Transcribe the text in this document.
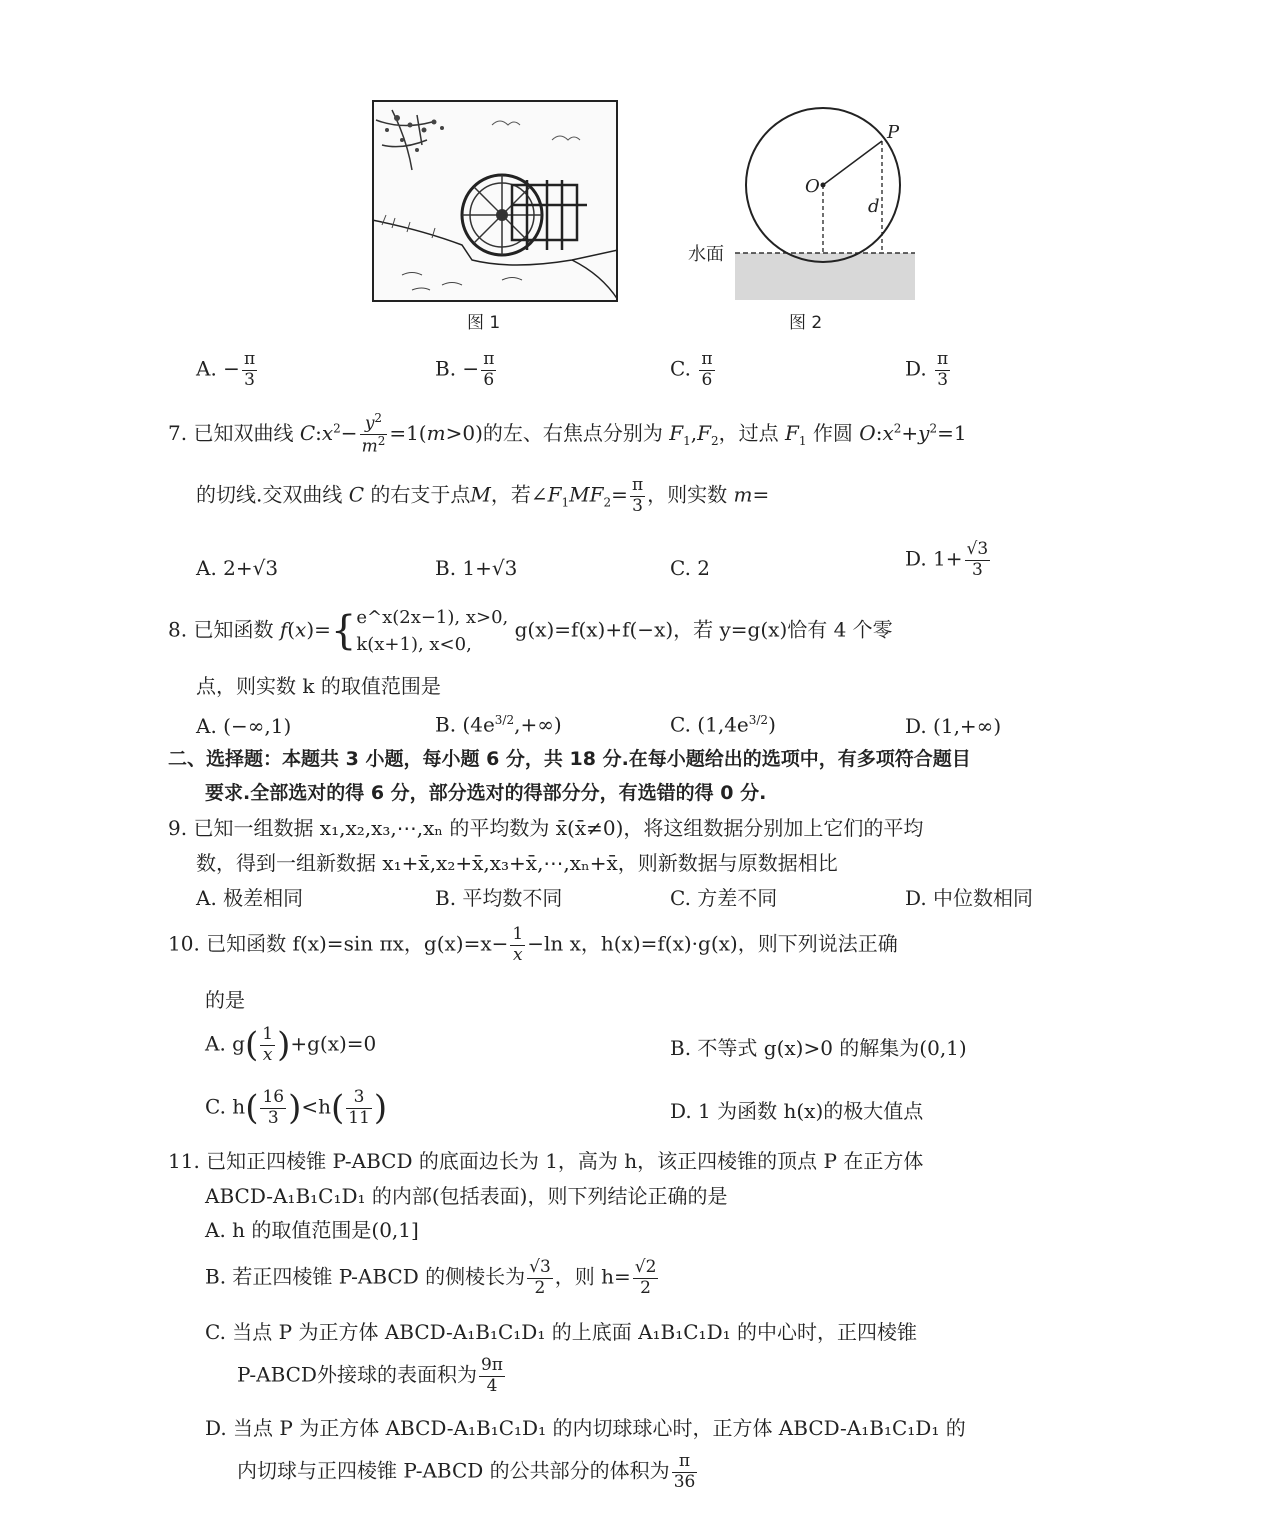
图 1
P
O
d
水面
图 2
A. − $\frac{\pi}{3}$	B. − $\frac{\pi}{6}$	C. $\frac{\pi}{6}$	D. $\frac{\pi}{3}$
7. 已知双曲线 $C:x^2- \frac{y^2}{m^2} =1(m>0)$的左、右焦点分别为 $F_1,F_2$，过点 $F_1$ 作圆 $O:x^2+y^2=1$
的切线.交双曲线 C 的右支于点M，若$\angle F_1MF_2= \frac{\pi}{3}$ ，则实数 m=
A. 2+√3	B. 1+√3	C. 2	D. $1+ \frac{√3}{3}$
8. 已知函数 f(x)={ e^x(2x−1), x>0,
k(x+1), x<0,
g(x)=f(x)+f(−x)，若 y=g(x)恰有 4 个零
点，则实数 k 的取值范围是
A. (−∞,1)	B. $(4e^{3/2},+\infty)$	C. $(1,4e^{3/2})$	D. (1,+∞)
二、选择题：本题共 3 小题，每小题 6 分，共 18 分.在每小题给出的选项中，有多项符合题目
要求.全部选对的得 6 分，部分选对的得部分分，有选错的得 0 分.
9. 已知一组数据 x₁,x₂,x₃,⋯,xₙ 的平均数为 x̄(x̄≠0)，将这组数据分别加上它们的平均
数，得到一组新数据 x₁+x̄,x₂+x̄,x₃+x̄,⋯,xₙ+x̄，则新数据与原数据相比
A. 极差相同	B. 平均数不同	C. 方差不同	D. 中位数相同
10. 已知函数 f(x)=sin πx，$g(x)=x- \frac{1}{x} -\ln$ x，h(x)=f(x)·g(x)，则下列说法正确
的是
A. $g( \frac{1}{x} )+g(x)=0$	B. 不等式 g(x)>0 的解集为(0,1)
C. $h( \frac{16}{3} )<h( \frac{3}{11}$ )	D. 1 为函数 h(x)的极大值点
11. 已知正四棱锥 P-ABCD 的底面边长为 1，高为 h，该正四棱锥的顶点 P 在正方体
ABCD-A₁B₁C₁D₁ 的内部(包括表面)，则下列结论正确的是
A. h 的取值范围是(0,1]
B. 若正四棱锥 P-ABCD 的侧棱长为 $\frac{√3}{2}$ ，则 $h= \frac{√2}{2}$
C. 当点 P 为正方体 ABCD-A₁B₁C₁D₁ 的上底面 A₁B₁C₁D₁ 的中心时，正四棱锥
P-ABCD外接球的表面积为 $\frac{9\pi}{4}$
D. 当点 P 为正方体 ABCD-A₁B₁C₁D₁ 的内切球球心时，正方体 ABCD-A₁B₁C₁D₁ 的
内切球与正四棱锥 P-ABCD 的公共部分的体积为 $\frac{\pi}{36}$
